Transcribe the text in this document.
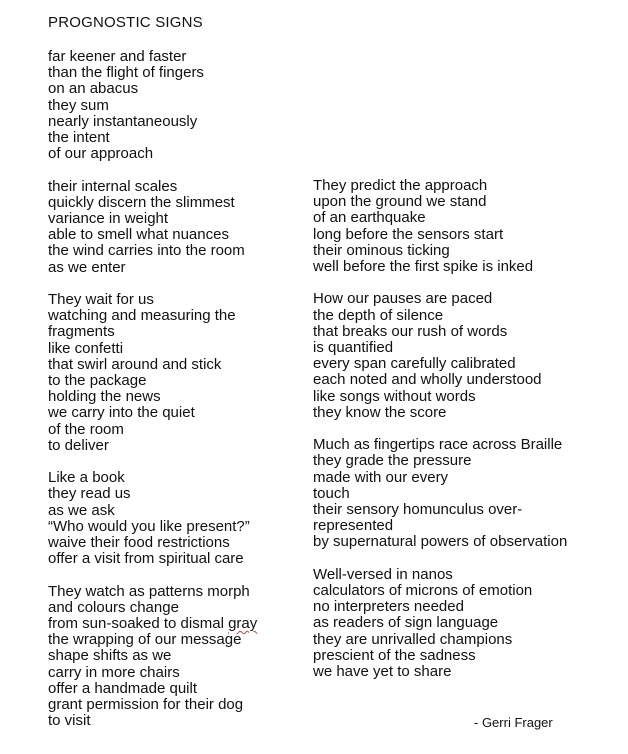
PROGNOSTIC SIGNS
far keener and faster
than the flight of fingers
on an abacus
they sum
nearly instantaneously
the intent
of our approach
their internal scales
quickly discern the slimmest
variance in weight
able to smell what nuances
the wind carries into the room
as we enter
They wait for us
watching and measuring the
fragments
like confetti
that swirl around and stick
to the package
holding the news
we carry into the quiet
of the room
to deliver
Like a book
they read us
as we ask
“Who would you like present?”
waive their food restrictions
offer a visit from spiritual care
They watch as patterns morph
and colours change
from sun-soaked to dismal gray
the wrapping of our message
shape shifts as we
carry in more chairs
offer a handmade quilt
grant permission for their dog
to visit
They predict the approach
upon the ground we stand
of an earthquake
long before the sensors start
their ominous ticking
well before the first spike is inked
How our pauses are paced
the depth of silence
that breaks our rush of words
is quantified
every span carefully calibrated
each noted and wholly understood
like songs without words
they know the score
Much as fingertips race across Braille
they grade the pressure
made with our every
touch
their sensory homunculus over-
represented
by supernatural powers of observation
Well-versed in nanos
calculators of microns of emotion
no interpreters needed
as readers of sign language
they are unrivalled champions
prescient of the sadness
we have yet to share
- Gerri Frager
